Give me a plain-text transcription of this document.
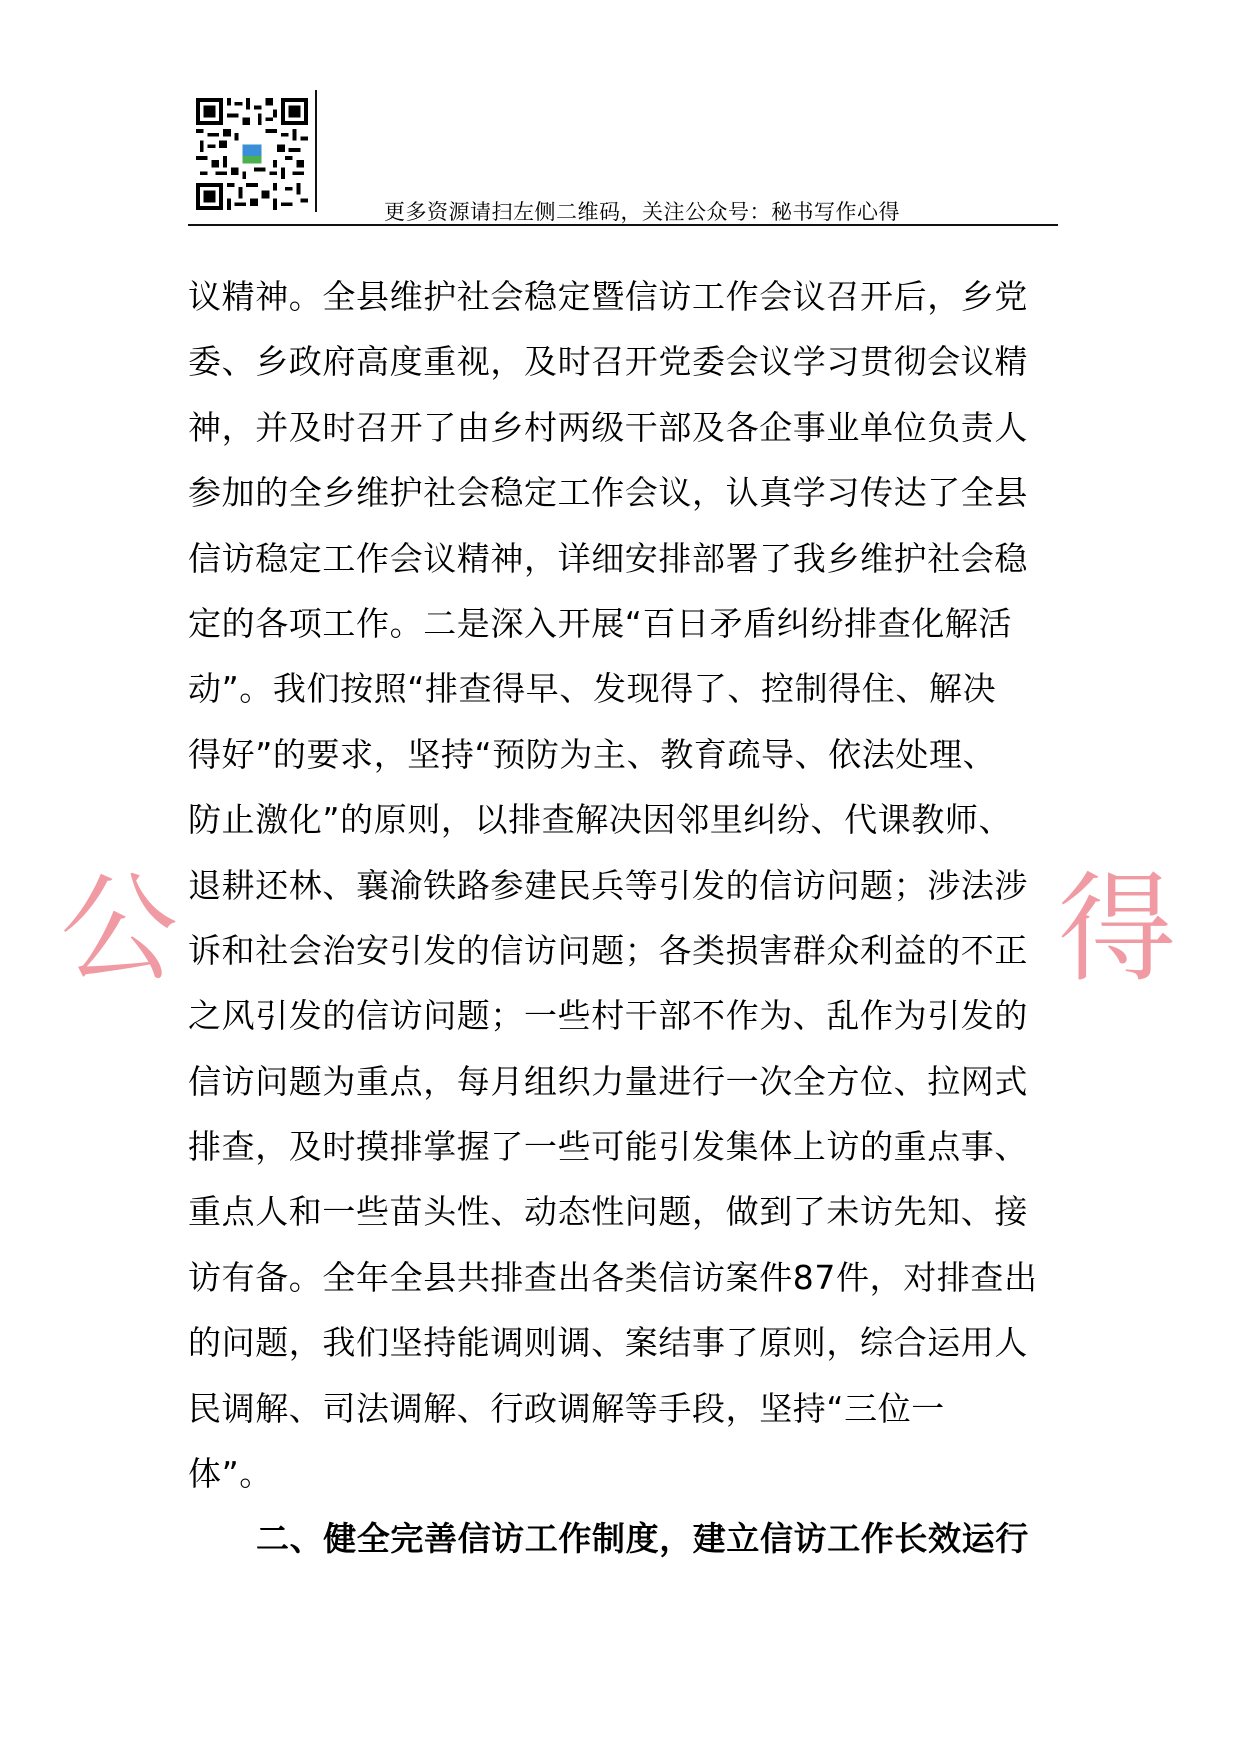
更多资源请扫左侧二维码，关注公众号：秘书写作心得
公	得
议精神。全县维护社会稳定暨信访工作会议召开后，乡党
委、乡政府高度重视，及时召开党委会议学习贯彻会议精
神，并及时召开了由乡村两级干部及各企事业单位负责人
参加的全乡维护社会稳定工作会议，认真学习传达了全县
信访稳定工作会议精神，详细安排部署了我乡维护社会稳
定的各项工作。二是深入开展“百日矛盾纠纷排查化解活
动”。我们按照“排查得早、发现得了、控制得住、解决
得好”的要求，坚持“预防为主、教育疏导、依法处理、
防止激化”的原则，以排查解决因邻里纠纷、代课教师、
退耕还林、襄渝铁路参建民兵等引发的信访问题；涉法涉
诉和社会治安引发的信访问题；各类损害群众利益的不正
之风引发的信访问题；一些村干部不作为、乱作为引发的
信访问题为重点，每月组织力量进行一次全方位、拉网式
排查，及时摸排掌握了一些可能引发集体上访的重点事、
重点人和一些苗头性、动态性问题，做到了未访先知、接
访有备。全年全县共排查出各类信访案件87件，对排查出
的问题，我们坚持能调则调、案结事了原则，综合运用人
民调解、司法调解、行政调解等手段，坚持“三位一
体”。
二、健全完善信访工作制度，建立信访工作长效运行
